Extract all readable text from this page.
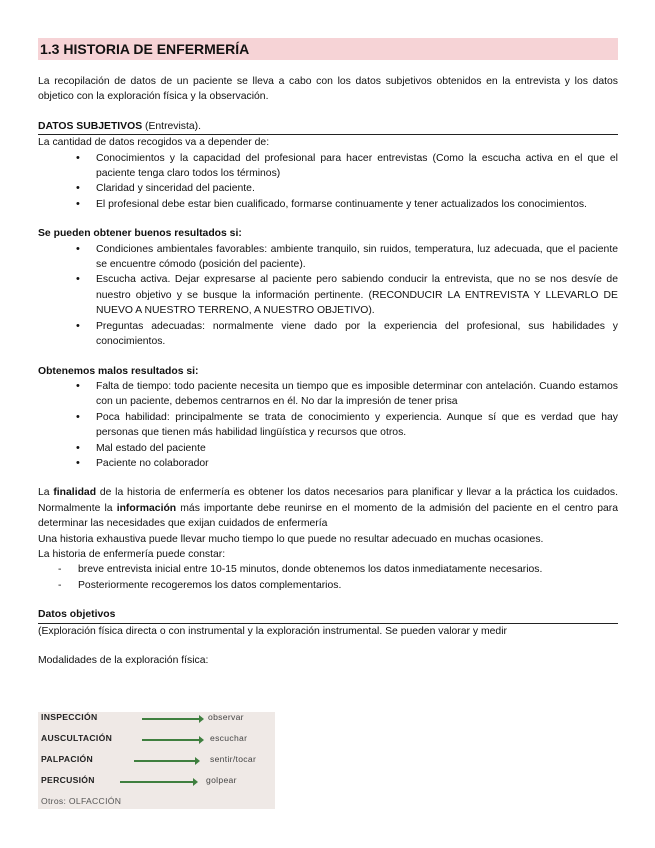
1.3 HISTORIA DE ENFERMERÍA

La recopilación de datos de un paciente se lleva a cabo con los datos subjetivos obtenidos en la entrevista y los datos objetico con la exploración física y la observación.

DATOS SUBJETIVOS (Entrevista).

La cantidad de datos recogidos va a depender de:

• Conocimientos y la capacidad del profesional para hacer entrevistas (Como la escucha activa en el que el paciente tenga claro todos los términos)
• Claridad y sinceridad del paciente.
• El profesional debe estar bien cualificado, formarse continuamente y tener actualizados los conocimientos.

Se pueden obtener buenos resultados si:

• Condiciones ambientales favorables: ambiente tranquilo, sin ruidos, temperatura, luz adecuada, que el paciente se encuentre cómodo (posición del paciente).
• Escucha activa. Dejar expresarse al paciente pero sabiendo conducir la entrevista, que no se nos desvíe de nuestro objetivo y se busque la información pertinente. (RECONDUCIR LA ENTREVISTA Y LLEVARLO DE NUEVO A NUESTRO TERRENO, A NUESTRO OBJETIVO).
• Preguntas adecuadas: normalmente viene dado por la experiencia del profesional, sus habilidades y conocimientos.

Obtenemos malos resultados si:

• Falta de tiempo: todo paciente necesita un tiempo que es imposible determinar con antelación. Cuando estamos con un paciente, debemos centrarnos en él. No dar la impresión de tener prisa
• Poca habilidad: principalmente se trata de conocimiento y experiencia. Aunque sí que es verdad que hay personas que tienen más habilidad lingüística y recursos que otros.
• Mal estado del paciente
• Paciente no colaborador

La finalidad de la historia de enfermería es obtener los datos necesarios para planificar y llevar a la práctica los cuidados. Normalmente la información más importante debe reunirse en el momento de la admisión del paciente en el centro para determinar las necesidades que exijan cuidados de enfermería

Una historia exhaustiva puede llevar mucho tiempo lo que puede no resultar adecuado en muchas ocasiones.

La historia de enfermería puede constar:

- breve entrevista inicial entre 10-15 minutos, donde obtenemos los datos inmediatamente necesarios.
- Posteriormente recogeremos los datos complementarios.
Datos objetivos

(Exploración física directa o con instrumental y la exploración instrumental. Se pueden valorar y medir

Modalidades de la exploración física:

INSPECCIÓN	observar
AUSCULTACIÓN	escuchar
PALPACIÓN	sentir/tocar
PERCUSIÓN	golpear
Otros: OLFACCIÓN
